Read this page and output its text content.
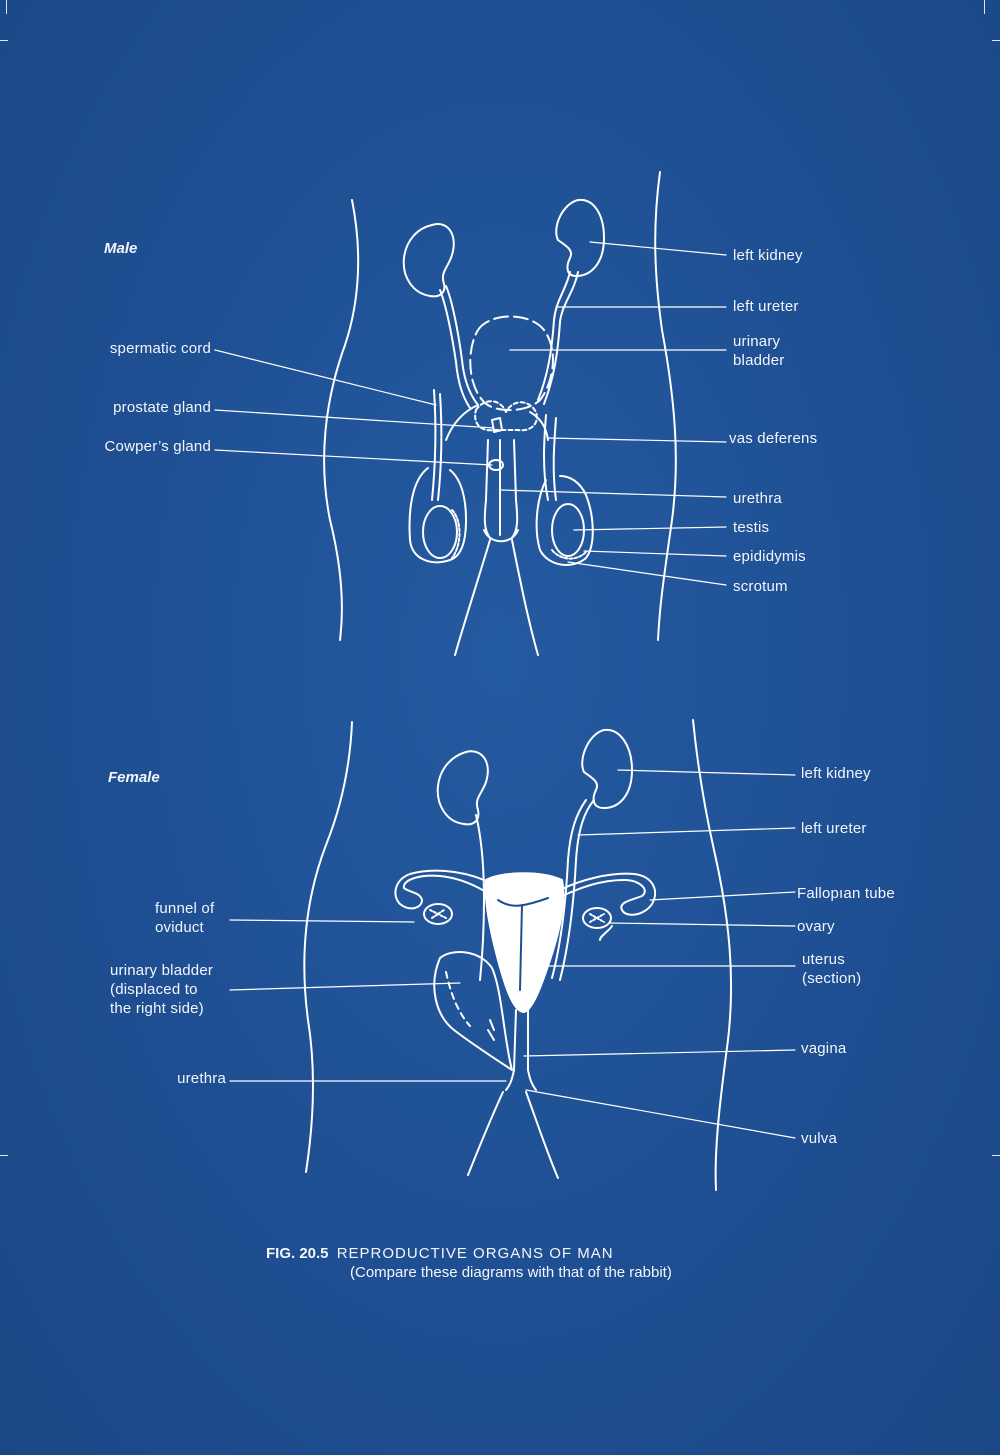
Male	left kidney
left ureter
urinary
bladder
vas deferens
urethra
testis
epididymis
scrotum
spermatic cord
prostate gland
Cowper’s gland
Female	left kidney
left ureter
Fallopıan tube
ovary
uterus
(section)
vagina
vulva
funnel of
oviduct
urinary bladder
(displaced to
the right side)
urethra
FIG. 20.5 REPRODUCTIVE ORGANS OF MAN
(Compare these diagrams with that of the rabbit)
